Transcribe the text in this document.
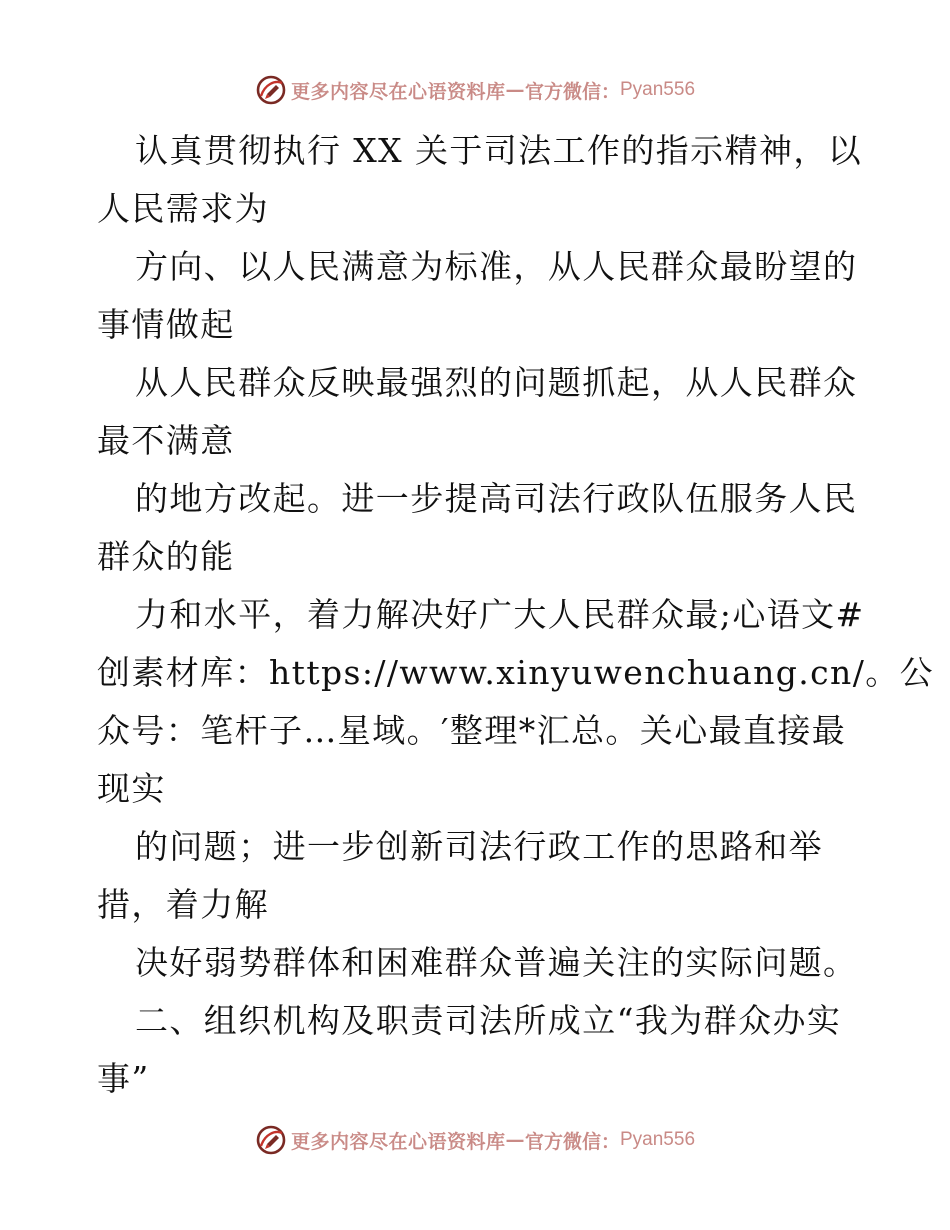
更多内容尽在心语资料库 — 官方微信： Pyan556
认真贯彻执行 XX 关于司法工作的指示精神，以
人民需求为
方向、以人民满意为标准，从人民群众最盼望的
事情做起
从人民群众反映最强烈的问题抓起，从人民群众
最不满意
的地方改起。进一步提高司法行政队伍服务人民
群众的能
力和水平，着力解决好广大人民群众最;心语文#
创素材库：https://www.xinyuwenchuang.cn/。公
众号：笔杆子…星域。′整理*汇总。关心最直接最
现实
的问题；进一步创新司法行政工作的思路和举
措，着力解
决好弱势群体和困难群众普遍关注的实际问题。
二、组织机构及职责司法所成立“我为群众办实
事”
更多内容尽在心语资料库 — 官方微信： Pyan556
